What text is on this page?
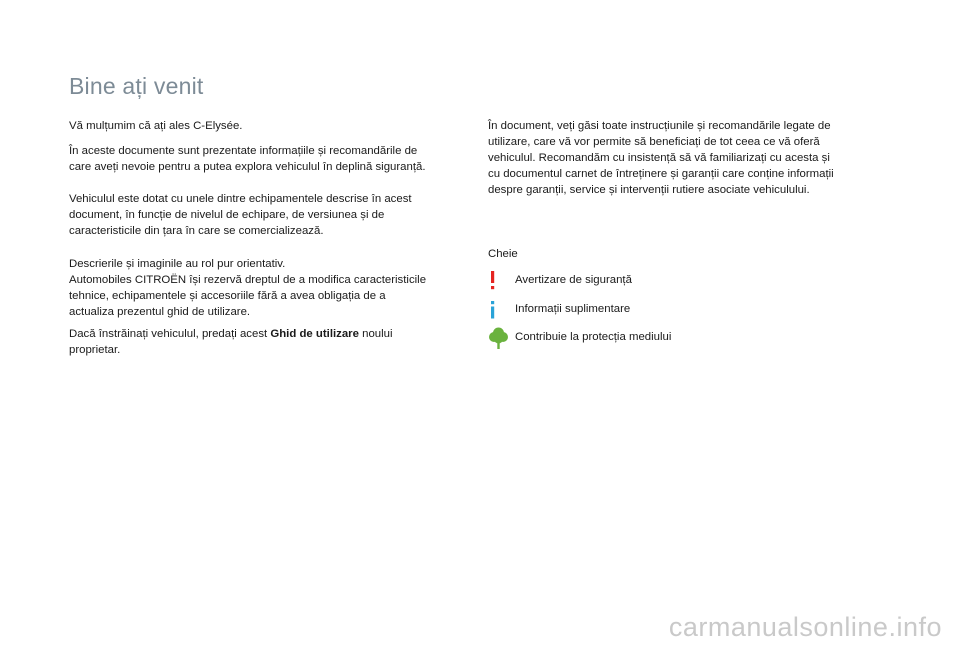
Bine ați venit

Vă mulțumim că ați ales C-Elysée.

În aceste documente sunt prezentate informațiile și recomandările de
care aveți nevoie pentru a putea explora vehiculul în deplină siguranță.

Vehiculul este dotat cu unele dintre echipamentele descrise în acest
document, în funcție de nivelul de echipare, de versiunea și de
caracteristicile din țara în care se comercializează.

Descrierile și imaginile au rol pur orientativ.
Automobiles CITROËN își rezervă dreptul de a modifica caracteristicile
tehnice, echipamentele și accesoriile fără a avea obligația de a
actualiza prezentul ghid de utilizare.

Dacă înstrăinați vehiculul, predați acest Ghid de utilizare noului
proprietar.

În document, veți găsi toate instrucțiunile și recomandările legate de
utilizare, care vă vor permite să beneficiați de tot ceea ce vă oferă
vehiculul. Recomandăm cu insistență să vă familiarizați cu acesta și
cu documentul carnet de întreținere și garanții care conține informații
despre garanții, service și intervenții rutiere asociate vehiculului.

Cheie

Avertizare de siguranță
Informații suplimentare
Contribuie la protecția mediului
carmanualsonline.info
